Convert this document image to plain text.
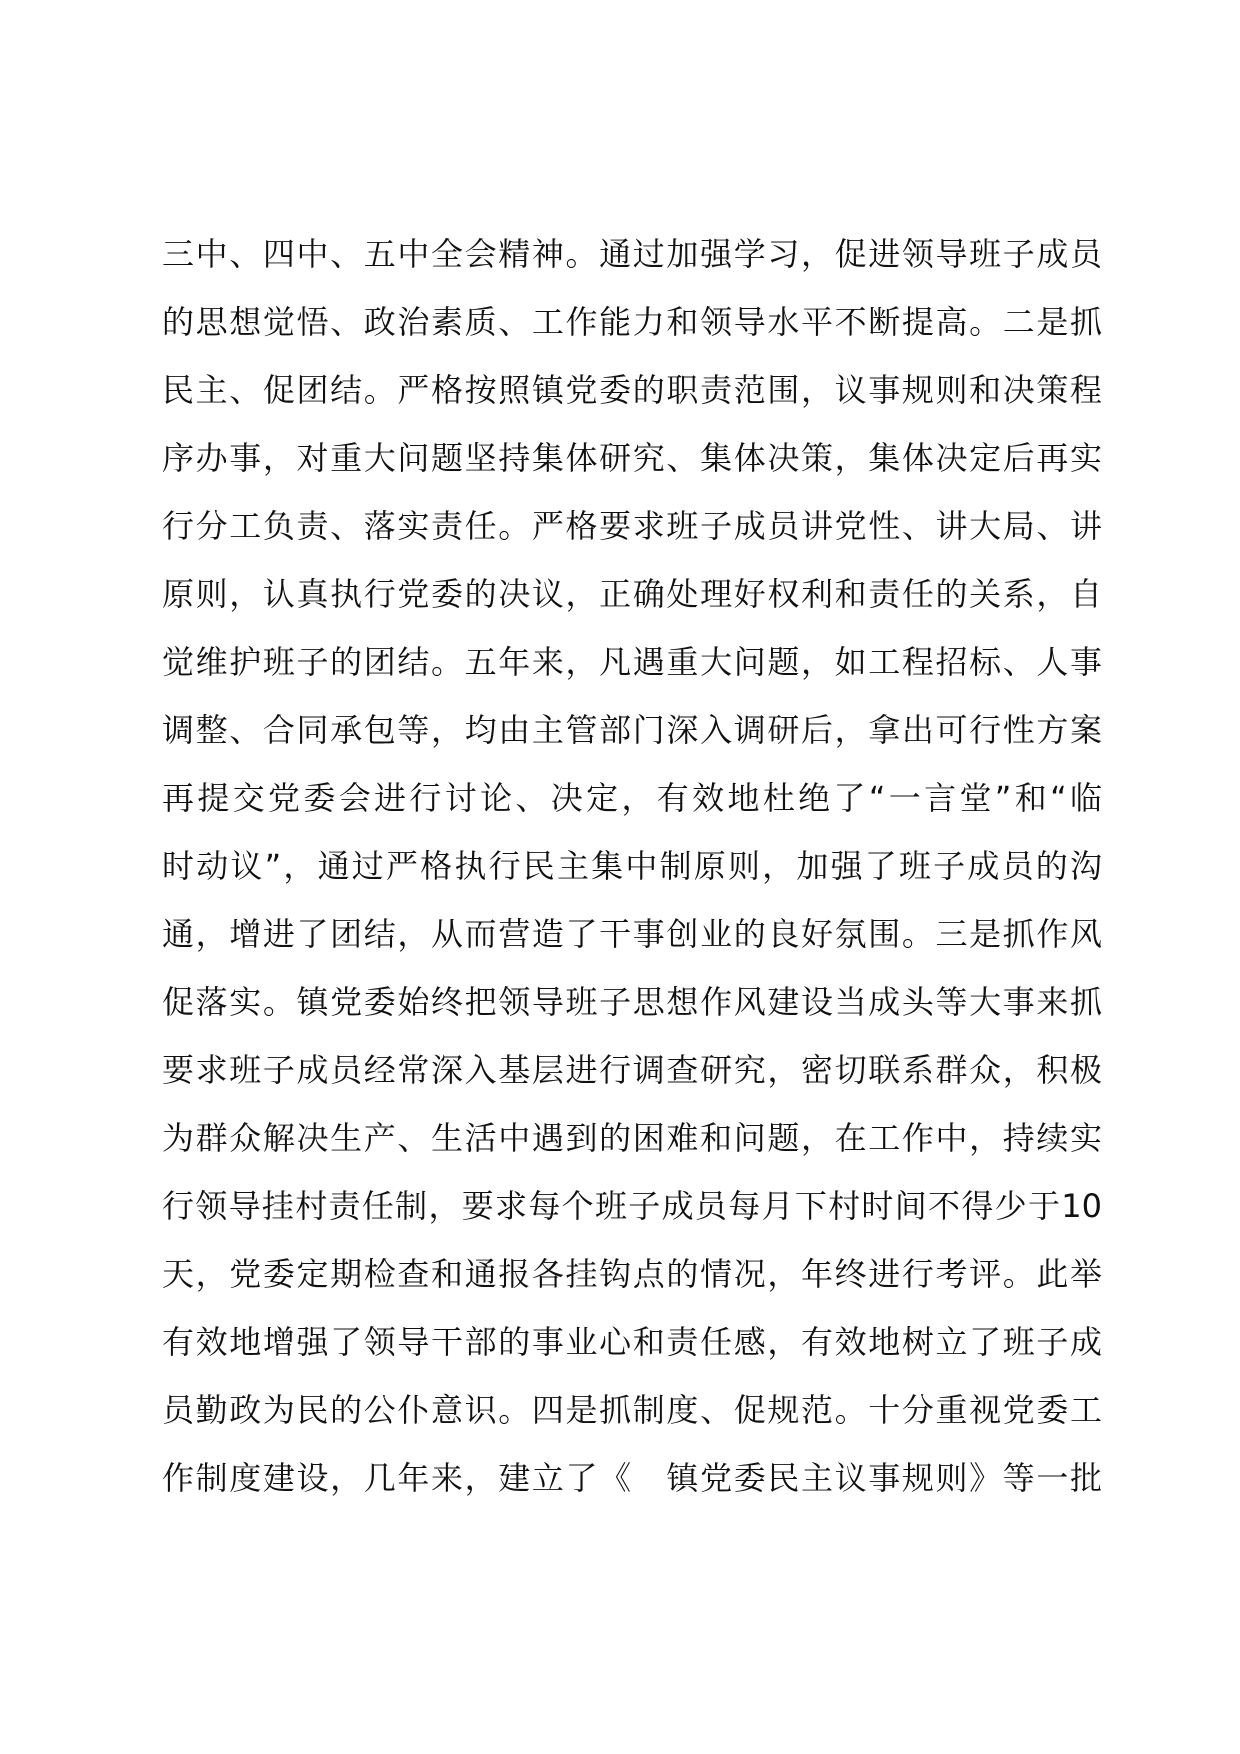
三中、四中、五中全会精神。通过加强学习，促进领导班子成员
的思想觉悟、政治素质、工作能力和领导水平不断提高。二是抓
民主、促团结。严格按照镇党委的职责范围，议事规则和决策程
序办事，对重大问题坚持集体研究、集体决策，集体决定后再实
行分工负责、落实责任。严格要求班子成员讲党性、讲大局、讲
原则，认真执行党委的决议，正确处理好权利和责任的关系，自
觉维护班子的团结。五年来，凡遇重大问题，如工程招标、人事
调整、合同承包等，均由主管部门深入调研后，拿出可行性方案
再提交党委会进行讨论、决定，有效地杜绝了“一言堂”和“临
时动议”，通过严格执行民主集中制原则，加强了班子成员的沟
通，增进了团结，从而营造了干事创业的良好氛围。三是抓作风
促落实。镇党委始终把领导班子思想作风建设当成头等大事来抓
要求班子成员经常深入基层进行调查研究，密切联系群众，积极
为群众解决生产、生活中遇到的困难和问题，在工作中，持续实
行领导挂村责任制，要求每个班子成员每月下村时间不得少于10
天，党委定期检查和通报各挂钩点的情况，年终进行考评。此举
有效地增强了领导干部的事业心和责任感，有效地树立了班子成
员勤政为民的公仆意识。四是抓制度、促规范。十分重视党委工
作制度建设，几年来，建立了《　镇党委民主议事规则》等一批
